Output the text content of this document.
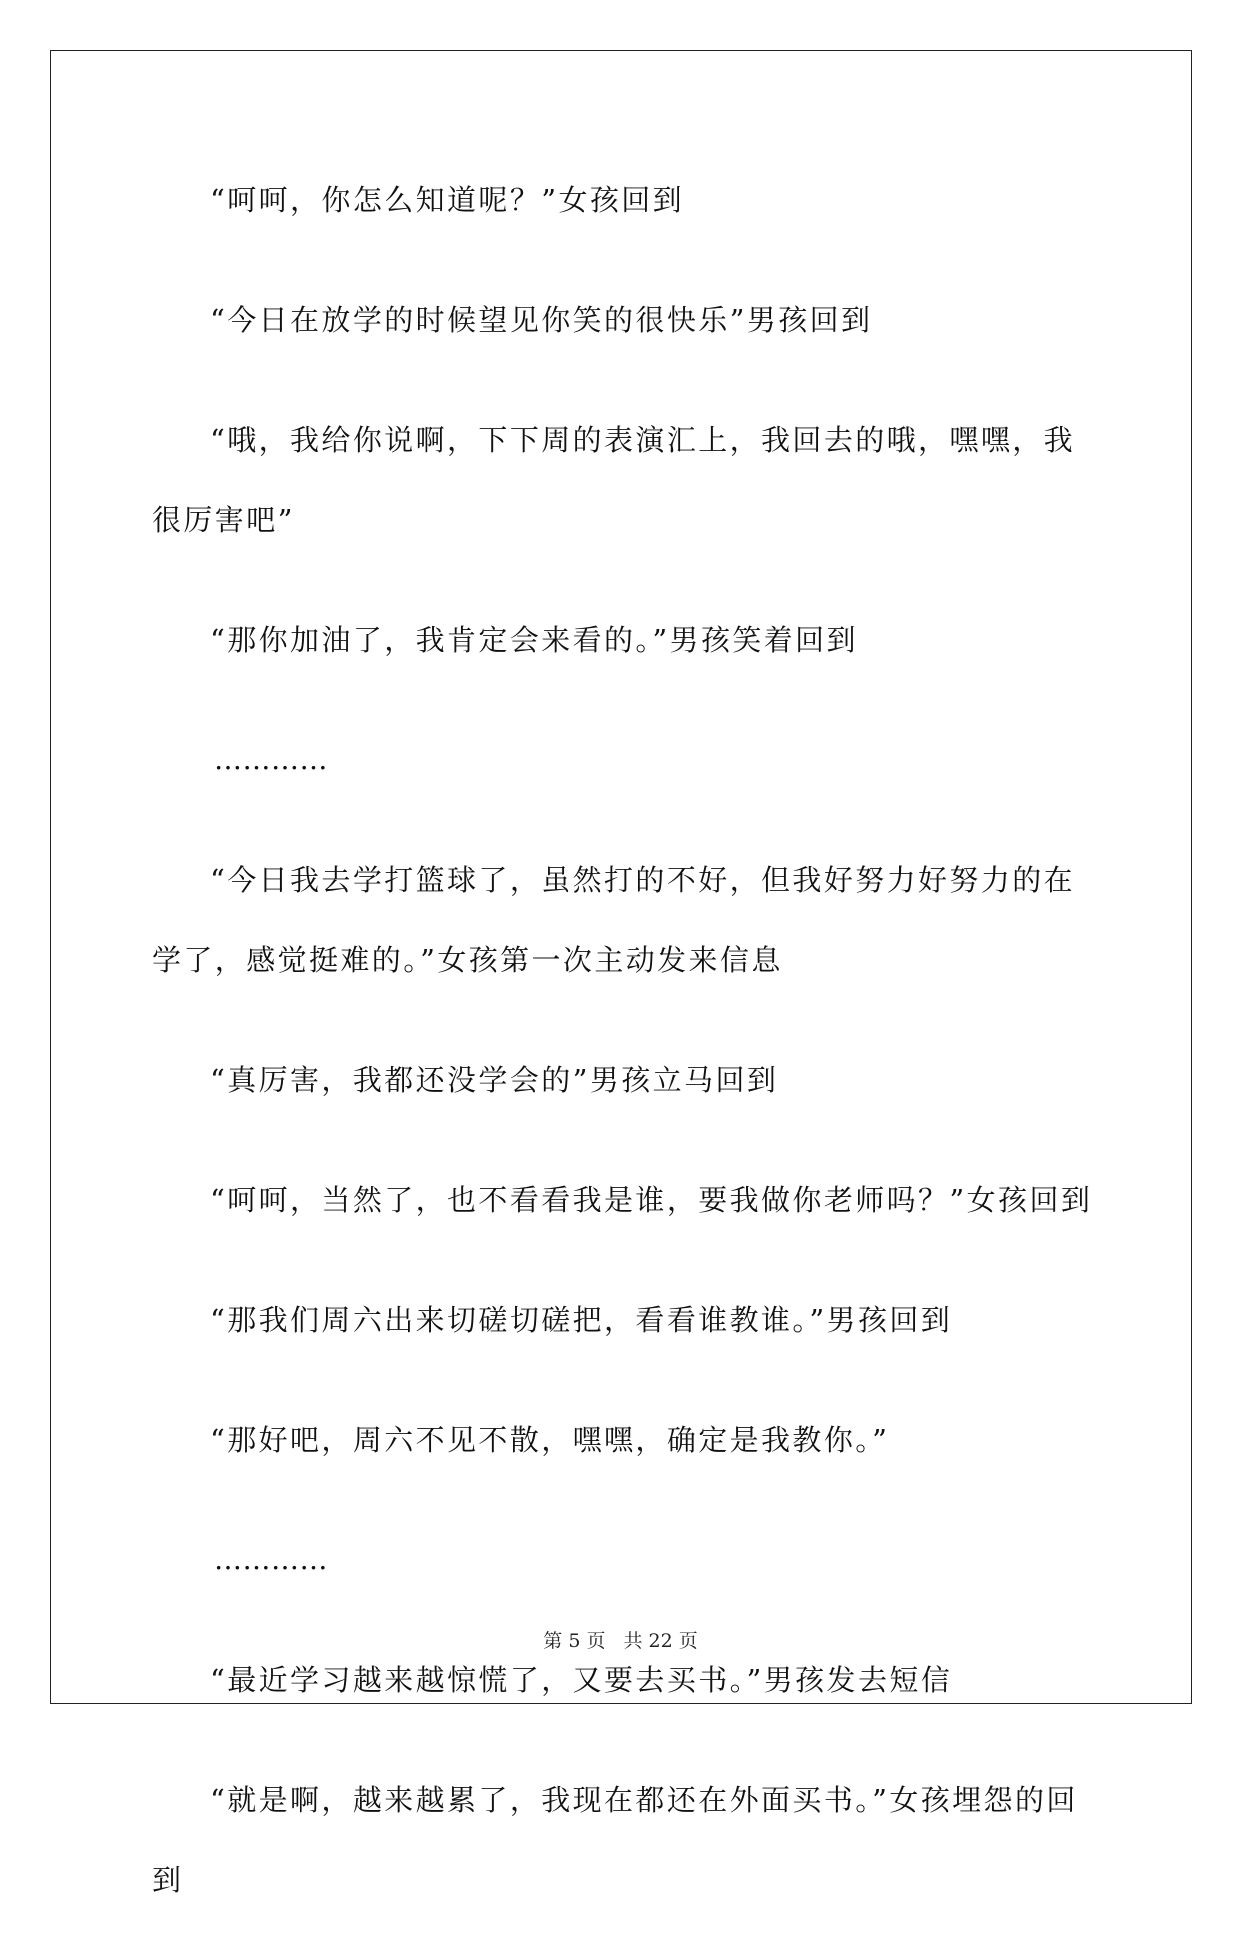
“呵呵，你怎么知道呢？”女孩回到

“今日在放学的时候望见你笑的很快乐”男孩回到

“哦，我给你说啊，下下周的表演汇上，我回去的哦，嘿嘿，我很厉害吧”

“那你加油了，我肯定会来看的。”男孩笑着回到

…………

“今日我去学打篮球了，虽然打的不好，但我好努力好努力的在学了，感觉挺难的。”女孩第一次主动发来信息

“真厉害，我都还没学会的”男孩立马回到

“呵呵，当然了，也不看看我是谁，要我做你老师吗？”女孩回到

“那我们周六出来切磋切磋把，看看谁教谁。”男孩回到

“那好吧，周六不见不散，嘿嘿，确定是我教你。”

…………

“最近学习越来越惊慌了，又要去买书。”男孩发去短信

“就是啊，越来越累了，我现在都还在外面买书。”女孩埋怨的回到

第 5 页 共 22 页
